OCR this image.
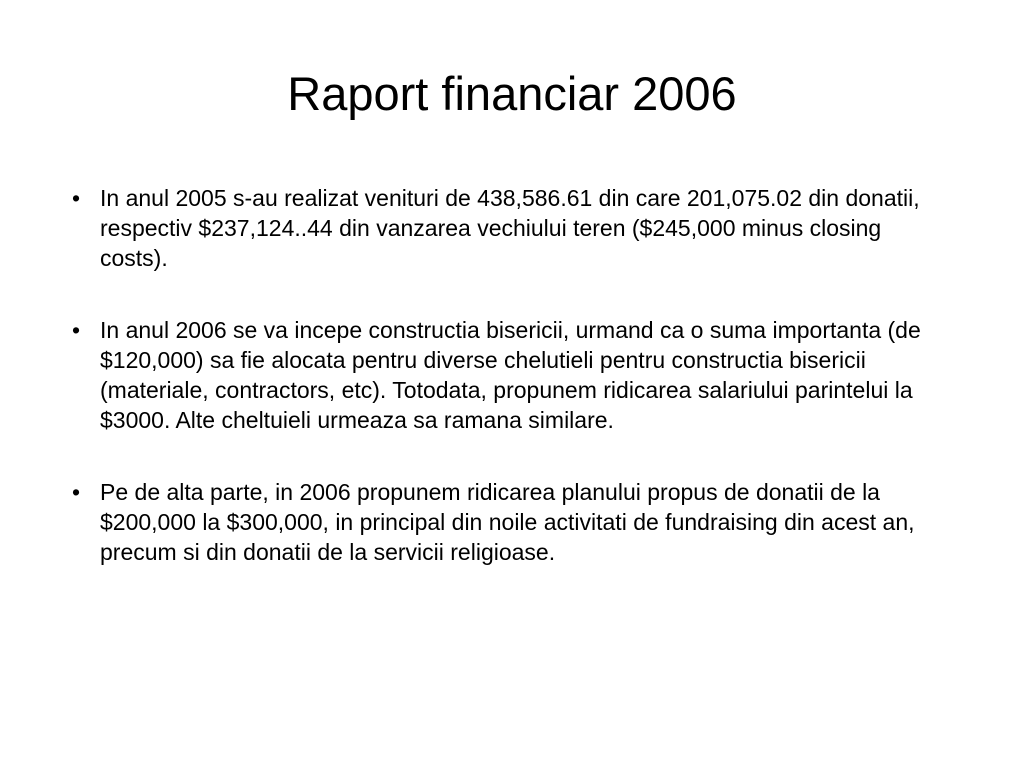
Raport financiar 2006
• In anul 2005 s-au realizat venituri de 438,586.61 din care 201,075.02 din donatii, respectiv $237,124..44 din vanzarea vechiului teren ($245,000 minus closing costs).
• In anul 2006 se va incepe constructia bisericii, urmand ca o suma importanta (de $120,000) sa fie alocata pentru diverse chelutieli pentru constructia bisericii (materiale, contractors, etc). Totodata, propunem ridicarea salariului parintelui la $3000. Alte cheltuieli urmeaza sa ramana similare.
• Pe de alta parte, in 2006 propunem ridicarea planului propus de donatii de la $200,000 la $300,000, in principal din noile activitati de fundraising din acest an, precum si din donatii de la servicii religioase.
